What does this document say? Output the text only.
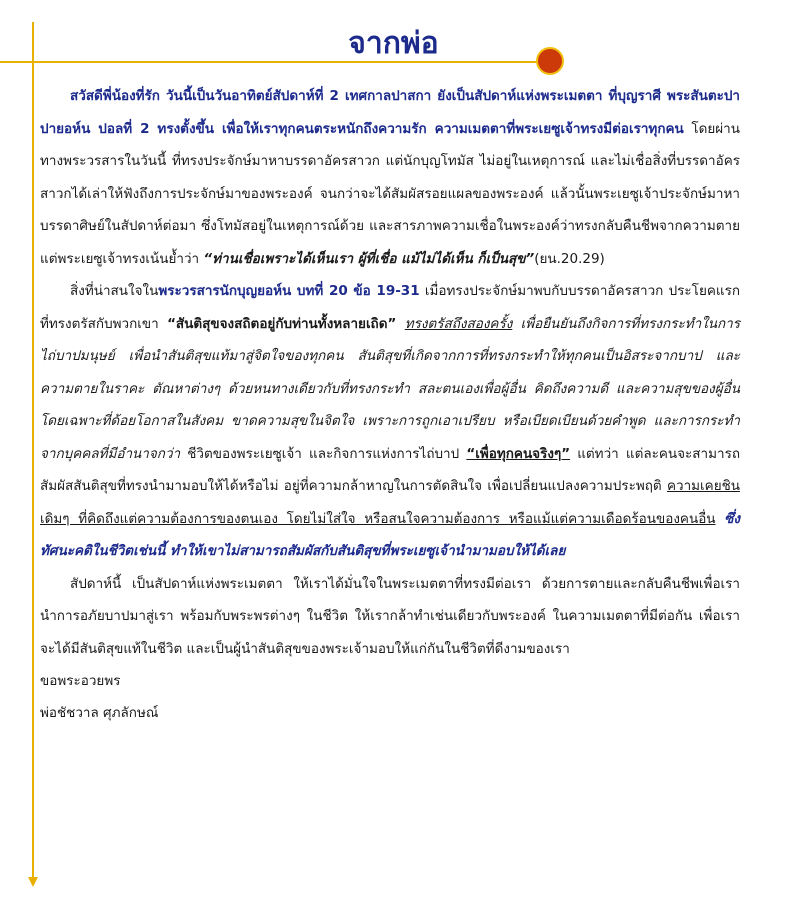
จากพ่อ

สวัสดีพี่น้องที่รัก วันนี้เป็นวันอาทิตย์สัปดาห์ที่ 2 เทศกาลปาสกา ยังเป็นสัปดาห์แห่งพระเมตตา ที่บุญราศี พระสันตะปาปายอห์น ปอลที่ 2 ทรงตั้งขึ้น เพื่อให้เราทุกคนตระหนักถึงความรัก ความเมตตาที่พระเยซูเจ้าทรงมีต่อเราทุกคน โดยผ่านทางพระวรสารในวันนี้ ที่ทรงประจักษ์มาหาบรรดาอัครสาวก แต่นักบุญโทมัส ไม่อยู่ในเหตุการณ์ และไม่เชื่อสิ่งที่บรรดาอัครสาวกได้เล่าให้ฟังถึงการประจักษ์มาของพระองค์ จนกว่าจะได้สัมผัสรอยแผลของพระองค์ แล้วนั้นพระเยซูเจ้าประจักษ์มาหาบรรดาศิษย์ในสัปดาห์ต่อมา ซึ่งโทมัสอยู่ในเหตุการณ์ด้วย และสารภาพความเชื่อในพระองค์ว่าทรงกลับคืนชีพจากความตาย แต่พระเยซูเจ้าทรงเน้นย้ำว่า “ท่านเชื่อเพราะได้เห็นเรา ผู้ที่เชื่อ แม้ไม่ได้เห็น ก็เป็นสุข”(ยน.20.29)

สิ่งที่น่าสนใจในพระวรสารนักบุญยอห์น บทที่ 20 ข้อ 19-31 เมื่อทรงประจักษ์มาพบกับบรรดาอัครสาวก ประโยคแรกที่ทรงตรัสกับพวกเขา “สันติสุขจงสถิตอยู่กับท่านทั้งหลายเถิด” ทรงตรัสถึงสองครั้ง เพื่อยืนยันถึงกิจการที่ทรงกระทำในการไถ่บาปมนุษย์ เพื่อนำสันติสุขแท้มาสู่จิตใจของทุกคน สันติสุขที่เกิดจากการที่ทรงกระทำให้ทุกคนเป็นอิสระจากบาป และความตายในราคะ ตัณหาต่างๆ ด้วยหนทางเดียวกับที่ทรงกระทำ สละตนเองเพื่อผู้อื่น คิดถึงความดี และความสุขของผู้อื่น โดยเฉพาะที่ด้อยโอกาสในสังคม ขาดความสุขในจิตใจ เพราะการถูกเอาเปรียบ หรือเบียดเบียนด้วยคำพูด และการกระทำจากบุคคลที่มีอำนาจกว่า ชีวิตของพระเยซูเจ้า และกิจการแห่งการไถ่บาป “เพื่อทุกคนจริงๆ” แต่ทว่า แต่ละคนจะสามารถสัมผัสสันติสุขที่ทรงนำมามอบให้ได้หรือไม่ อยู่ที่ความกล้าหาญในการตัดสินใจ เพื่อเปลี่ยนแปลงความประพฤติ ความเคยชินเดิมๆ ที่คิดถึงแต่ความต้องการของตนเอง โดยไม่ใส่ใจ หรือสนใจความต้องการ หรือแม้แต่ความเดือดร้อนของคนอื่น ซึ่งทัศนะคติในชีวิตเช่นนี้ ทำให้เขาไม่สามารถสัมผัสกับสันติสุขที่พระเยซูเจ้านำมามอบให้ได้เลย

สัปดาห์นี้ เป็นสัปดาห์แห่งพระเมตตา ให้เราได้มั่นใจในพระเมตตาที่ทรงมีต่อเรา ด้วยการตายและกลับคืนชีพเพื่อเรา นำการอภัยบาปมาสู่เรา พร้อมกับพระพรต่างๆ ในชีวิต ให้เรากล้าทำเช่นเดียวกับพระองค์ ในความเมตตาที่มีต่อกัน เพื่อเราจะได้มีสันติสุขแท้ในชีวิต และเป็นผู้นำสันติสุขของพระเจ้ามอบให้แก่กันในชีวิตที่ดีงามของเรา

ขอพระอวยพร

พ่อชัชวาล ศุภลักษณ์
